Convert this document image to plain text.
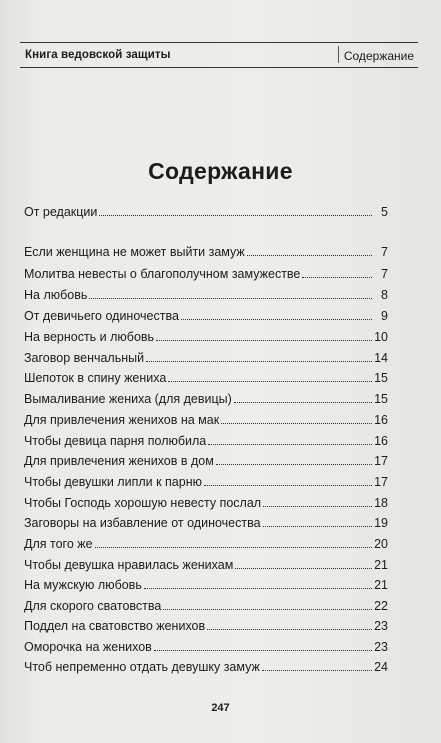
Книга ведовской защиты	Содержание
Содержание
От редакции	5
Если женщина не может выйти замуж	7
Молитва невесты о благополучном замужестве	7
На любовь	8
От девичьего одиночества	9
На верность и любовь	10
Заговор венчальный	14
Шепоток в спину жениха	15
Вымаливание жениха (для девицы)	15
Для привлечения женихов на мак	16
Чтобы девица парня полюбила	16
Для привлечения женихов в дом	17
Чтобы девушки липли к парню	17
Чтобы Господь хорошую невесту послал	18
Заговоры на избавление от одиночества	19
Для того же	20
Чтобы девушка нравилась женихам	21
На мужскую любовь	21
Для скорого сватовства	22
Поддел на сватовство женихов	23
Оморочка на женихов	23
Чтоб непременно отдать девушку замуж	24
247
